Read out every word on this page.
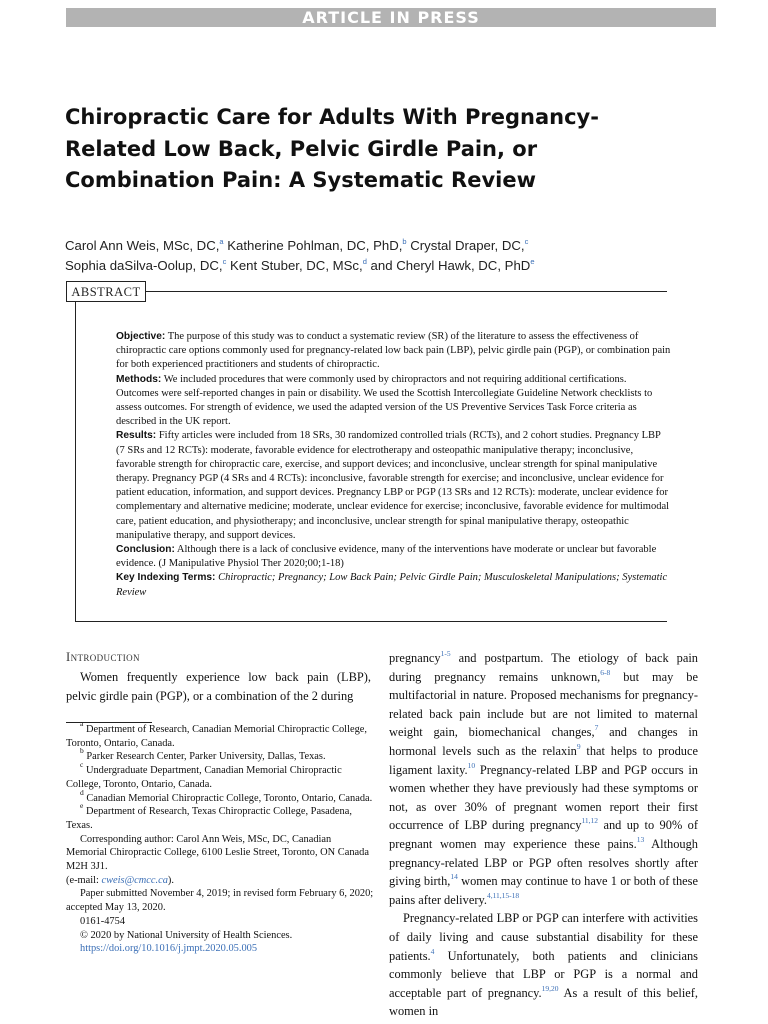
ARTICLE IN PRESS
Chiropractic Care for Adults With Pregnancy-Related Low Back, Pelvic Girdle Pain, or Combination Pain: A Systematic Review
Carol Ann Weis, MSc, DC,$^a$ Katherine Pohlman, DC, PhD,$^b$ Crystal Draper, DC,$^c$
Sophia daSilva-Oolup, DC,$^c$ Kent Stuber, DC, MSc,$^d$ and Cheryl Hawk, DC, PhD$^e$
ABSTRACT

Objective: The purpose of this study was to conduct a systematic review (SR) of the literature to assess the effectiveness of chiropractic care options commonly used for pregnancy-related low back pain (LBP), pelvic girdle pain (PGP), or combination pain for both experienced practitioners and students of chiropractic.

Methods: We included procedures that were commonly used by chiropractors and not requiring additional certifications. Outcomes were self-reported changes in pain or disability. We used the Scottish Intercollegiate Guideline Network checklists to assess outcomes. For strength of evidence, we used the adapted version of the US Preventive Services Task Force criteria as described in the UK report.

Results: Fifty articles were included from 18 SRs, 30 randomized controlled trials (RCTs), and 2 cohort studies. Pregnancy LBP (7 SRs and 12 RCTs): moderate, favorable evidence for electrotherapy and osteopathic manipulative therapy; inconclusive, favorable strength for chiropractic care, exercise, and support devices; and inconclusive, unclear strength for spinal manipulative therapy. Pregnancy PGP (4 SRs and 4 RCTs): inconclusive, favorable strength for exercise; and inconclusive, unclear evidence for patient education, information, and support devices. Pregnancy LBP or PGP (13 SRs and 12 RCTs): moderate, unclear evidence for complementary and alternative medicine; moderate, unclear evidence for exercise; inconclusive, favorable evidence for multimodal care, patient education, and physiotherapy; and inconclusive, unclear strength for spinal manipulative therapy, osteopathic manipulative therapy, and support devices.

Conclusion: Although there is a lack of conclusive evidence, many of the interventions have moderate or unclear but favorable evidence. (J Manipulative Physiol Ther 2020;00;1-18)

Key Indexing Terms: Chiropractic; Pregnancy; Low Back Pain; Pelvic Girdle Pain; Musculoskeletal Manipulations; Systematic Review

Introduction

Women frequently experience low back pain (LBP), pelvic girdle pain (PGP), or a combination of the 2 during

$^a$ Department of Research, Canadian Memorial Chiropractic College, Toronto, Ontario, Canada.

$^b$ Parker Research Center, Parker University, Dallas, Texas.

$^c$ Undergraduate Department, Canadian Memorial Chiropractic College, Toronto, Ontario, Canada.

$^d$ Canadian Memorial Chiropractic College, Toronto, Ontario, Canada.

$^e$ Department of Research, Texas Chiropractic College, Pasadena, Texas.

Corresponding author: Carol Ann Weis, MSc, DC, Canadian Memorial Chiropractic College, 6100 Leslie Street, Toronto, ON Canada M2H 3J1.

(e-mail: cweis@cmcc.ca).

Paper submitted November 4, 2019; in revised form February 6, 2020; accepted May 13, 2020.

0161-4754

© 2020 by National University of Health Sciences.

https://doi.org/10.1016/j.jmpt.2020.05.005

pregnancy$^{1-5}$ and postpartum. The etiology of back pain during pregnancy remains unknown,$^{6-8}$ but may be multifactorial in nature. Proposed mechanisms for pregnancy-related back pain include but are not limited to maternal weight gain, biomechanical changes,$^7$ and changes in hormonal levels such as the relaxin$^9$ that helps to produce ligament laxity.$^{10}$ Pregnancy-related LBP and PGP occurs in women whether they have previously had these symptoms or not, as over 30% of pregnant women report their first occurrence of LBP during pregnancy$^{11,12}$ and up to 90% of pregnant women may experience these pains.$^{13}$ Although pregnancy-related LBP or PGP often resolves shortly after giving birth,$^{14}$ women may continue to have 1 or both of these pains after delivery.$^{4,11,15-18}$

Pregnancy-related LBP or PGP can interfere with activities of daily living and cause substantial disability for these patients.$^4$ Unfortunately, both patients and clinicians commonly believe that LBP or PGP is a normal and acceptable part of pregnancy.$^{19,20}$ As a result of this belief, women in
